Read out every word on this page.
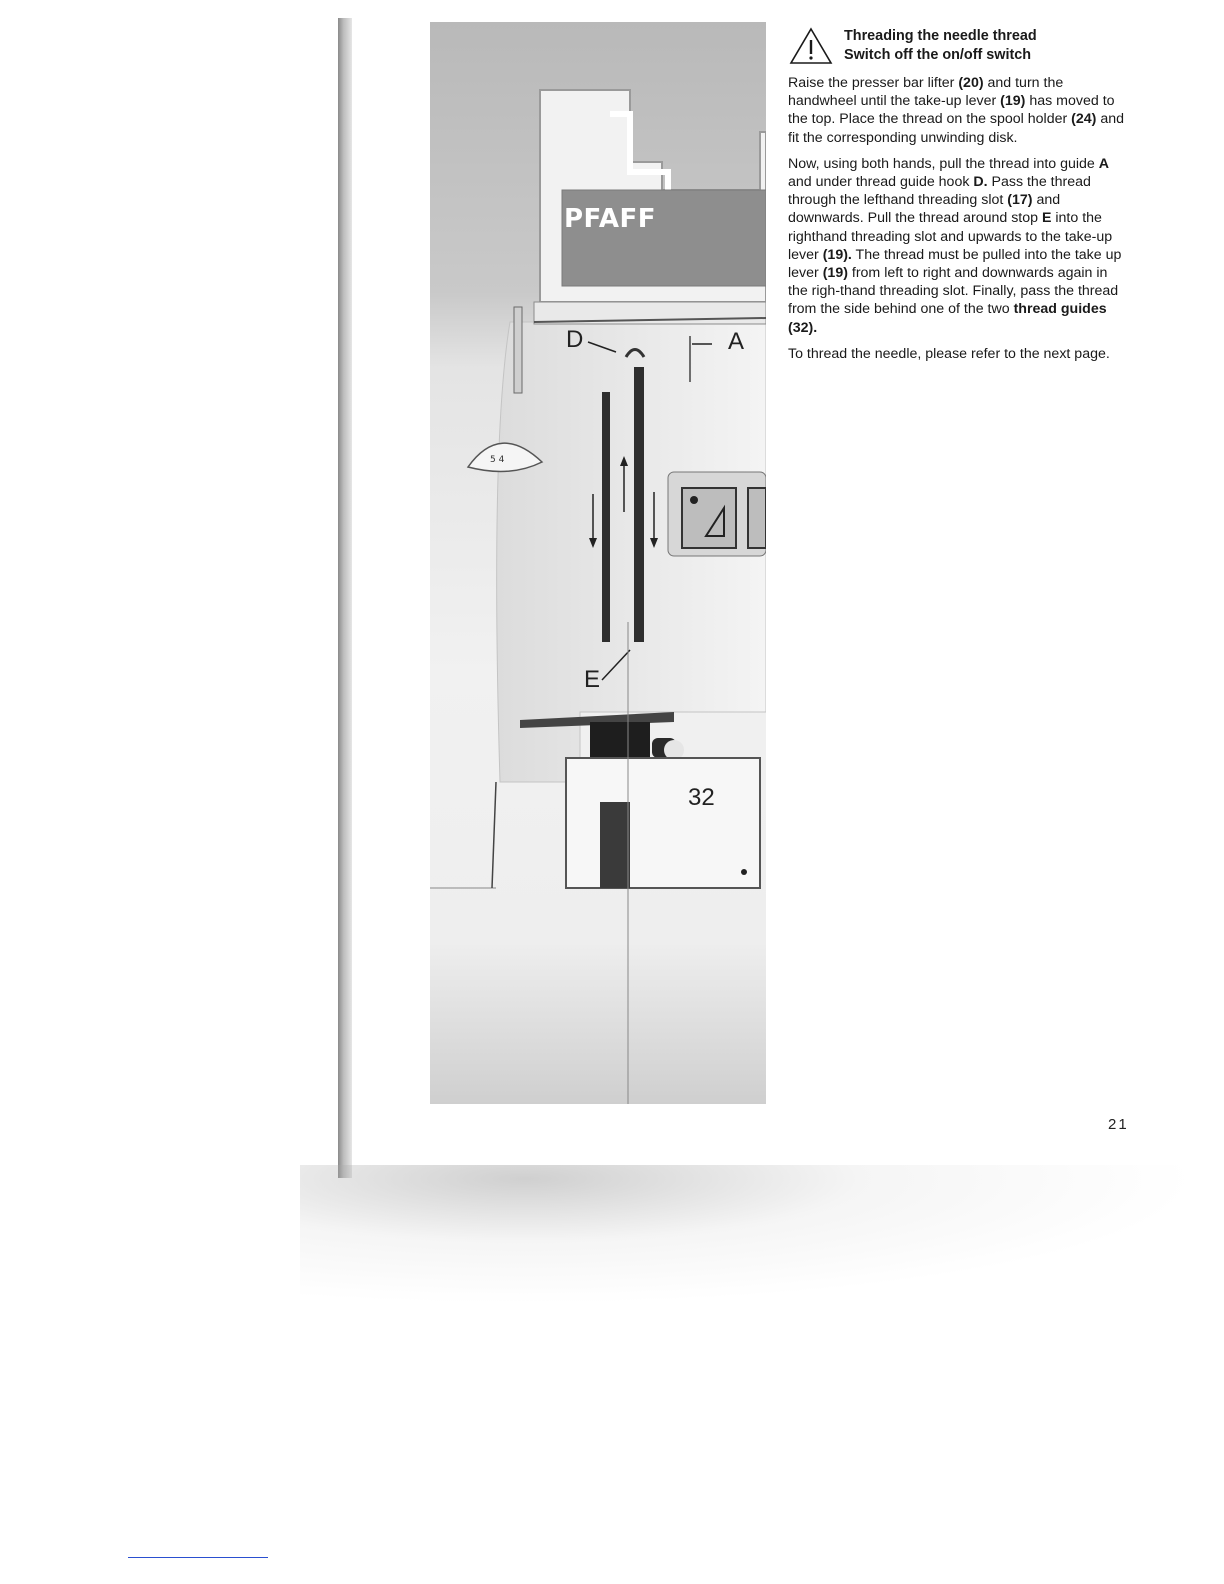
5 4
PFAFF
D	A
E
32
Threading the needle thread
Switch off the on/off switch

Raise the presser bar lifter (20) and turn the handwheel until the take-up lever (19) has moved to the top. Place the thread on the spool holder (24) and fit the corresponding unwinding disk.

Now, using both hands, pull the thread into guide A and under thread guide hook D. Pass the thread through the lefthand threading slot (17) and downwards. Pull the thread around stop E into the righthand threading slot and upwards to the take-up lever (19). The thread must be pulled into the take up lever (19) from left to right and downwards again in the righ-thand threading slot. Finally, pass the thread from the side behind one of the two thread guides (32).

To thread the needle, please refer to the next page.

21
